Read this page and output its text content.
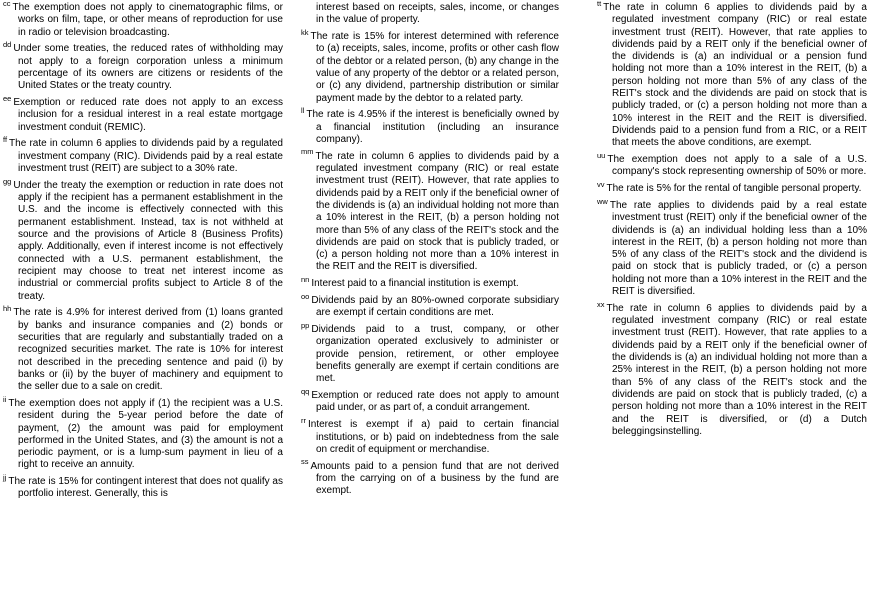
$^{cc}$ The exemption does not apply to cinematographic films, or works on film, tape, or other means of reproduction for use in radio or television broadcasting.
$^{dd}$ Under some treaties, the reduced rates of withholding may not apply to a foreign corporation unless a minimum percentage of its owners are citizens or residents of the United States or the treaty country.
$^{ee}$ Exemption or reduced rate does not apply to an excess inclusion for a residual interest in a real estate mortgage investment conduit (REMIC).
$^{ff}$ The rate in column 6 applies to dividends paid by a regulated investment company (RIC). Dividends paid by a real estate investment trust (REIT) are subject to a 30% rate.
$^{gg}$ Under the treaty the exemption or reduction in rate does not apply if the recipient has a permanent establishment in the U.S. and the income is effectively connected with this permanent establishment. Instead, tax is not withheld at source and the provisions of Article 8 (Business Profits) apply. Additionally, even if interest income is not effectively connected with a U.S. permanent establishment, the recipient may choose to treat net interest income as industrial or commercial profits subject to Article 8 of the treaty.
$^{hh}$ The rate is 4.9% for interest derived from (1) loans granted by banks and insurance companies and (2) bonds or securities that are regularly and substantially traded on a recognized securities market. The rate is 10% for interest not described in the preceding sentence and paid (i) by banks or (ii) by the buyer of machinery and equipment to the seller due to a sale on credit.
$^{ii}$ The exemption does not apply if (1) the recipient was a U.S. resident during the 5-year period before the date of payment, (2) the amount was paid for employment performed in the United States, and (3) the amount is not a periodic payment, or is a lump-sum payment in lieu of a right to receive an annuity.
$^{jj}$ The rate is 15% for contingent interest that does not qualify as portfolio interest. Generally, this is
interest based on receipts, sales, income, or changes in the value of property.
$^{kk}$ The rate is 15% for interest determined with reference to (a) receipts, sales, income, profits or other cash flow of the debtor or a related person, (b) any change in the value of any property of the debtor or a related person, or (c) any dividend, partnership distribution or similar payment made by the debtor to a related party.
$^{ll}$ The rate is 4.95% if the interest is beneficially owned by a financial institution (including an insurance company).
$^{mm}$ The rate in column 6 applies to dividends paid by a regulated investment company (RIC) or real estate investment trust (REIT). However, that rate applies to dividends paid by a REIT only if the beneficial owner of the dividends is (a) an individual holding not more than a 10% interest in the REIT, (b) a person holding not more than 5% of any class of the REIT's stock and the dividends are paid on stock that is publicly traded, or (c) a person holding not more than a 10% interest in the REIT and the REIT is diversified.
$^{nn}$ Interest paid to a financial institution is exempt.
$^{oo}$ Dividends paid by an 80%-owned corporate subsidiary are exempt if certain conditions are met.
$^{pp}$ Dividends paid to a trust, company, or other organization operated exclusively to administer or provide pension, retirement, or other employee benefits generally are exempt if certain conditions are met.
$^{qq}$ Exemption or reduced rate does not apply to amount paid under, or as part of, a conduit arrangement.
$^{rr}$ Interest is exempt if a) paid to certain financial institutions, or b) paid on indebtedness from the sale on credit of equipment or merchandise.
$^{ss}$ Amounts paid to a pension fund that are not derived from the carrying on of a business by the fund are exempt.
$^{tt}$ The rate in column 6 applies to dividends paid by a regulated investment company (RIC) or real estate investment trust (REIT). However, that rate applies to dividends paid by a REIT only if the beneficial owner of the dividends is (a) an individual or a pension fund holding not more than a 10% interest in the REIT, (b) a person holding not more than 5% of any class of the REIT's stock and the dividends are paid on stock that is publicly traded, or (c) a person holding not more than a 10% interest in the REIT and the REIT is diversified. Dividends paid to a pension fund from a RIC, or a REIT that meets the above conditions, are exempt.
$^{uu}$ The exemption does not apply to a sale of a U.S. company's stock representing ownership of 50% or more.
$^{vv}$ The rate is 5% for the rental of tangible personal property.
$^{ww}$ The rate applies to dividends paid by a real estate investment trust (REIT) only if the beneficial owner of the dividends is (a) an individual holding less than a 10% interest in the REIT, (b) a person holding not more than 5% of any class of the REIT's stock and the dividend is paid on stock that is publicly traded, or (c) a person holding not more than a 10% interest in the REIT and the REIT is diversified.
$^{xx}$ The rate in column 6 applies to dividends paid by a regulated investment company (RIC) or real estate investment trust (REIT). However, that rate applies to a dividends paid by a REIT only if the beneficial owner of the dividends is (a) an individual holding not more than a 25% interest in the REIT, (b) a person holding not more than 5% of any class of the REIT's stock and the dividends are paid on stock that is publicly traded, (c) a person holding not more than a 10% interest in the REIT and the REIT is diversified, or (d) a Dutch beleggingsinstelling.
